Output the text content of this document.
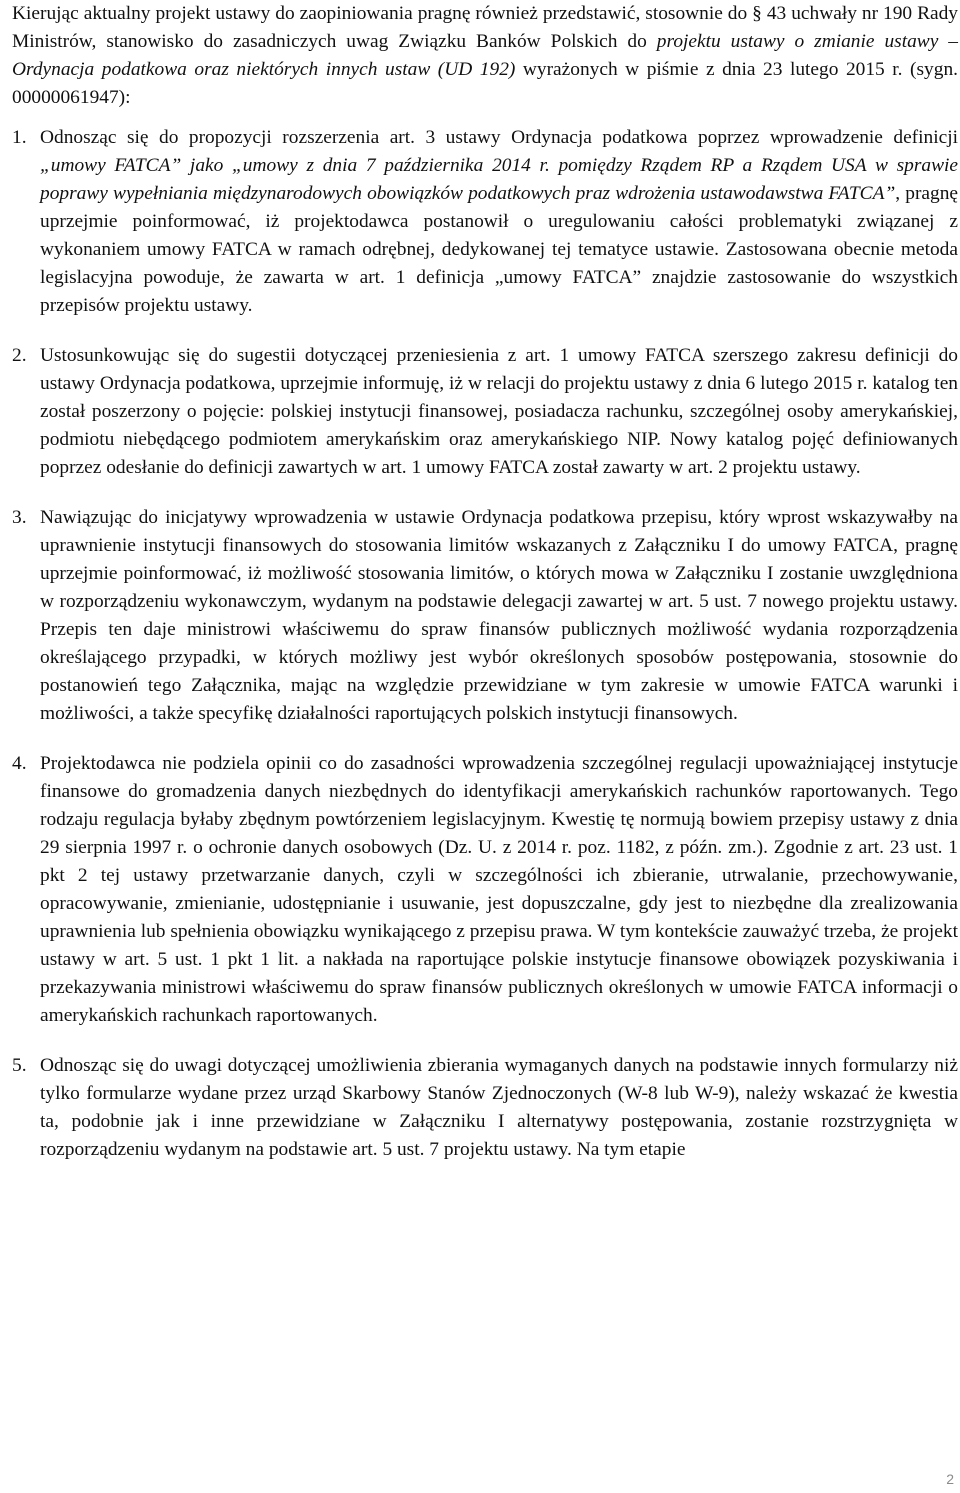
Kierując aktualny projekt ustawy do zaopiniowania pragnę również przedstawić, stosownie do § 43 uchwały nr 190 Rady Ministrów, stanowisko do zasadniczych uwag Związku Banków Polskich do projektu ustawy o zmianie ustawy – Ordynacja podatkowa oraz niektórych innych ustaw (UD 192) wyrażonych w piśmie z dnia 23 lutego 2015 r. (sygn. 00000061947):

1. Odnosząc się do propozycji rozszerzenia art. 3 ustawy Ordynacja podatkowa poprzez wprowadzenie definicji „umowy FATCA” jako „umowy z dnia 7 października 2014 r. pomiędzy Rządem RP a Rządem USA w sprawie poprawy wypełniania międzynarodowych obowiązków podatkowych praz wdrożenia ustawodawstwa FATCA”, pragnę uprzejmie poinformować, iż projektodawca postanowił o uregulowaniu całości problematyki związanej z wykonaniem umowy FATCA w ramach odrębnej, dedykowanej tej tematyce ustawie. Zastosowana obecnie metoda legislacyjna powoduje, że zawarta w art. 1 definicja „umowy FATCA” znajdzie zastosowanie do wszystkich przepisów projektu ustawy.
2. Ustosunkowując się do sugestii dotyczącej przeniesienia z art. 1 umowy FATCA szerszego zakresu definicji do ustawy Ordynacja podatkowa, uprzejmie informuję, iż w relacji do projektu ustawy z dnia 6 lutego 2015 r. katalog ten został poszerzony o pojęcie: polskiej instytucji finansowej, posiadacza rachunku, szczególnej osoby amerykańskiej, podmiotu niebędącego podmiotem amerykańskim oraz amerykańskiego NIP. Nowy katalog pojęć definiowanych poprzez odesłanie do definicji zawartych w art. 1 umowy FATCA został zawarty w art. 2 projektu ustawy.
3. Nawiązując do inicjatywy wprowadzenia w ustawie Ordynacja podatkowa przepisu, który wprost wskazywałby na uprawnienie instytucji finansowych do stosowania limitów wskazanych z Załączniku I do umowy FATCA, pragnę uprzejmie poinformować, iż możliwość stosowania limitów, o których mowa w Załączniku I zostanie uwzględniona w rozporządzeniu wykonawczym, wydanym na podstawie delegacji zawartej w art. 5 ust. 7 nowego projektu ustawy. Przepis ten daje ministrowi właściwemu do spraw finansów publicznych możliwość wydania rozporządzenia określającego przypadki, w których możliwy jest wybór określonych sposobów postępowania, stosownie do postanowień tego Załącznika, mając na względzie przewidziane w tym zakresie w umowie FATCA warunki i możliwości, a także specyfikę działalności raportujących polskich instytucji finansowych.
4. Projektodawca nie podziela opinii co do zasadności wprowadzenia szczególnej regulacji upoważniającej instytucje finansowe do gromadzenia danych niezbędnych do identyfikacji amerykańskich rachunków raportowanych. Tego rodzaju regulacja byłaby zbędnym powtórzeniem legislacyjnym. Kwestię tę normują bowiem przepisy ustawy z dnia 29 sierpnia 1997 r. o ochronie danych osobowych (Dz. U. z 2014 r. poz. 1182, z późn. zm.). Zgodnie z art. 23 ust. 1 pkt 2 tej ustawy przetwarzanie danych, czyli w szczególności ich zbieranie, utrwalanie, przechowywanie, opracowywanie, zmienianie, udostępnianie i usuwanie, jest dopuszczalne, gdy jest to niezbędne dla zrealizowania uprawnienia lub spełnienia obowiązku wynikającego z przepisu prawa. W tym kontekście zauważyć trzeba, że projekt ustawy w art. 5 ust. 1 pkt 1 lit. a nakłada na raportujące polskie instytucje finansowe obowiązek pozyskiwania i przekazywania ministrowi właściwemu do spraw finansów publicznych określonych w umowie FATCA informacji o amerykańskich rachunkach raportowanych.
5. Odnosząc się do uwagi dotyczącej umożliwienia zbierania wymaganych danych na podstawie innych formularzy niż tylko formularze wydane przez urząd Skarbowy Stanów Zjednoczonych (W-8 lub W-9), należy wskazać że kwestia ta, podobnie jak i inne przewidziane w Załączniku I alternatywy postępowania, zostanie rozstrzygnięta w rozporządzeniu wydanym na podstawie art. 5 ust. 7 projektu ustawy. Na tym etapie
2
